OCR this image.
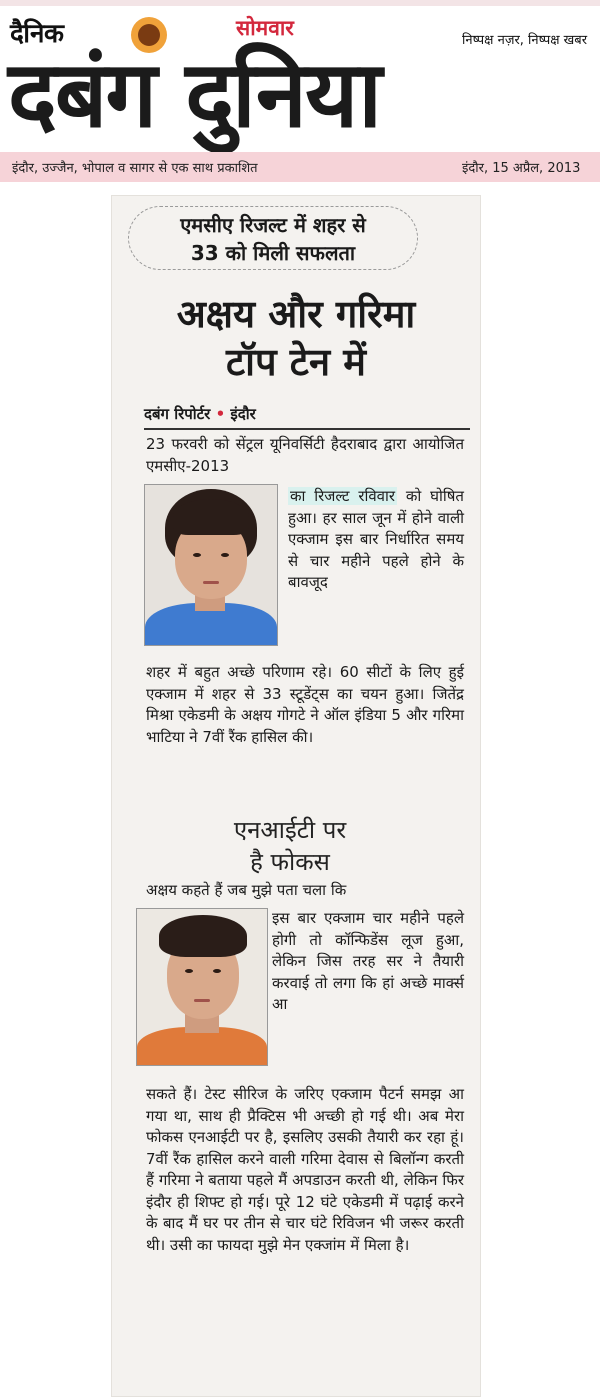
दैनिक	सोमवार
निष्पक्ष नज़र, निष्पक्ष खबर
दबंग दुनिया
इंदौर, उज्जैन, भोपाल व सागर से एक साथ प्रकाशित	इंदौर, 15 अप्रैल, 2013
एमसीए रिजल्ट में शहर से
33 को मिली सफलता
अक्षय और गरिमा
टॉप टेन में
दबंग रिपोर्टर • इंदौर
23 फरवरी को सेंट्रल यूनिवर्सिटी हैदराबाद द्वारा आयोजित एमसीए-2013
का रिजल्ट रविवार को घोषित हुआ। हर साल जून में होने वाली एक्जाम इस बार निर्धारित समय से चार महीने पहले होने के बावजूद
शहर में बहुत अच्छे परिणाम रहे। 60 सीटों के लिए हुई एक्जाम में शहर से 33 स्टूडेंट्स का चयन हुआ। जितेंद्र मिश्रा एकेडमी के अक्षय गोगटे ने ऑल इंडिया 5 और गरिमा भाटिया ने 7वीं रैंक हासिल की।
एनआईटी पर
है फोकस
अक्षय कहते हैं जब मुझे पता चला कि
इस बार एक्जाम चार महीने पहले होगी तो कॉन्फिडेंस लूज हुआ, लेकिन जिस तरह सर ने तैयारी करवाई तो लगा कि हां अच्छे मार्क्स आ
सकते हैं। टेस्ट सीरिज के जरिए एक्जाम पैटर्न समझ आ गया था, साथ ही प्रैक्टिस भी अच्छी हो गई थी। अब मेरा फोकस एनआईटी पर है, इसलिए उसकी तैयारी कर रहा हूं। 7वीं रैंक हासिल करने वाली गरिमा देवास से बिलॉन्ग करती हैं गरिमा ने बताया पहले मैं अपडाउन करती थी, लेकिन फिर इंदौर ही शिफ्ट हो गई। पूरे 12 घंटे एकेडमी में पढ़ाई करने के बाद मैं घर पर तीन से चार घंटे रिविजन भी जरूर करती थी। उसी का फायदा मुझे मेन एक्जांम में मिला है।
